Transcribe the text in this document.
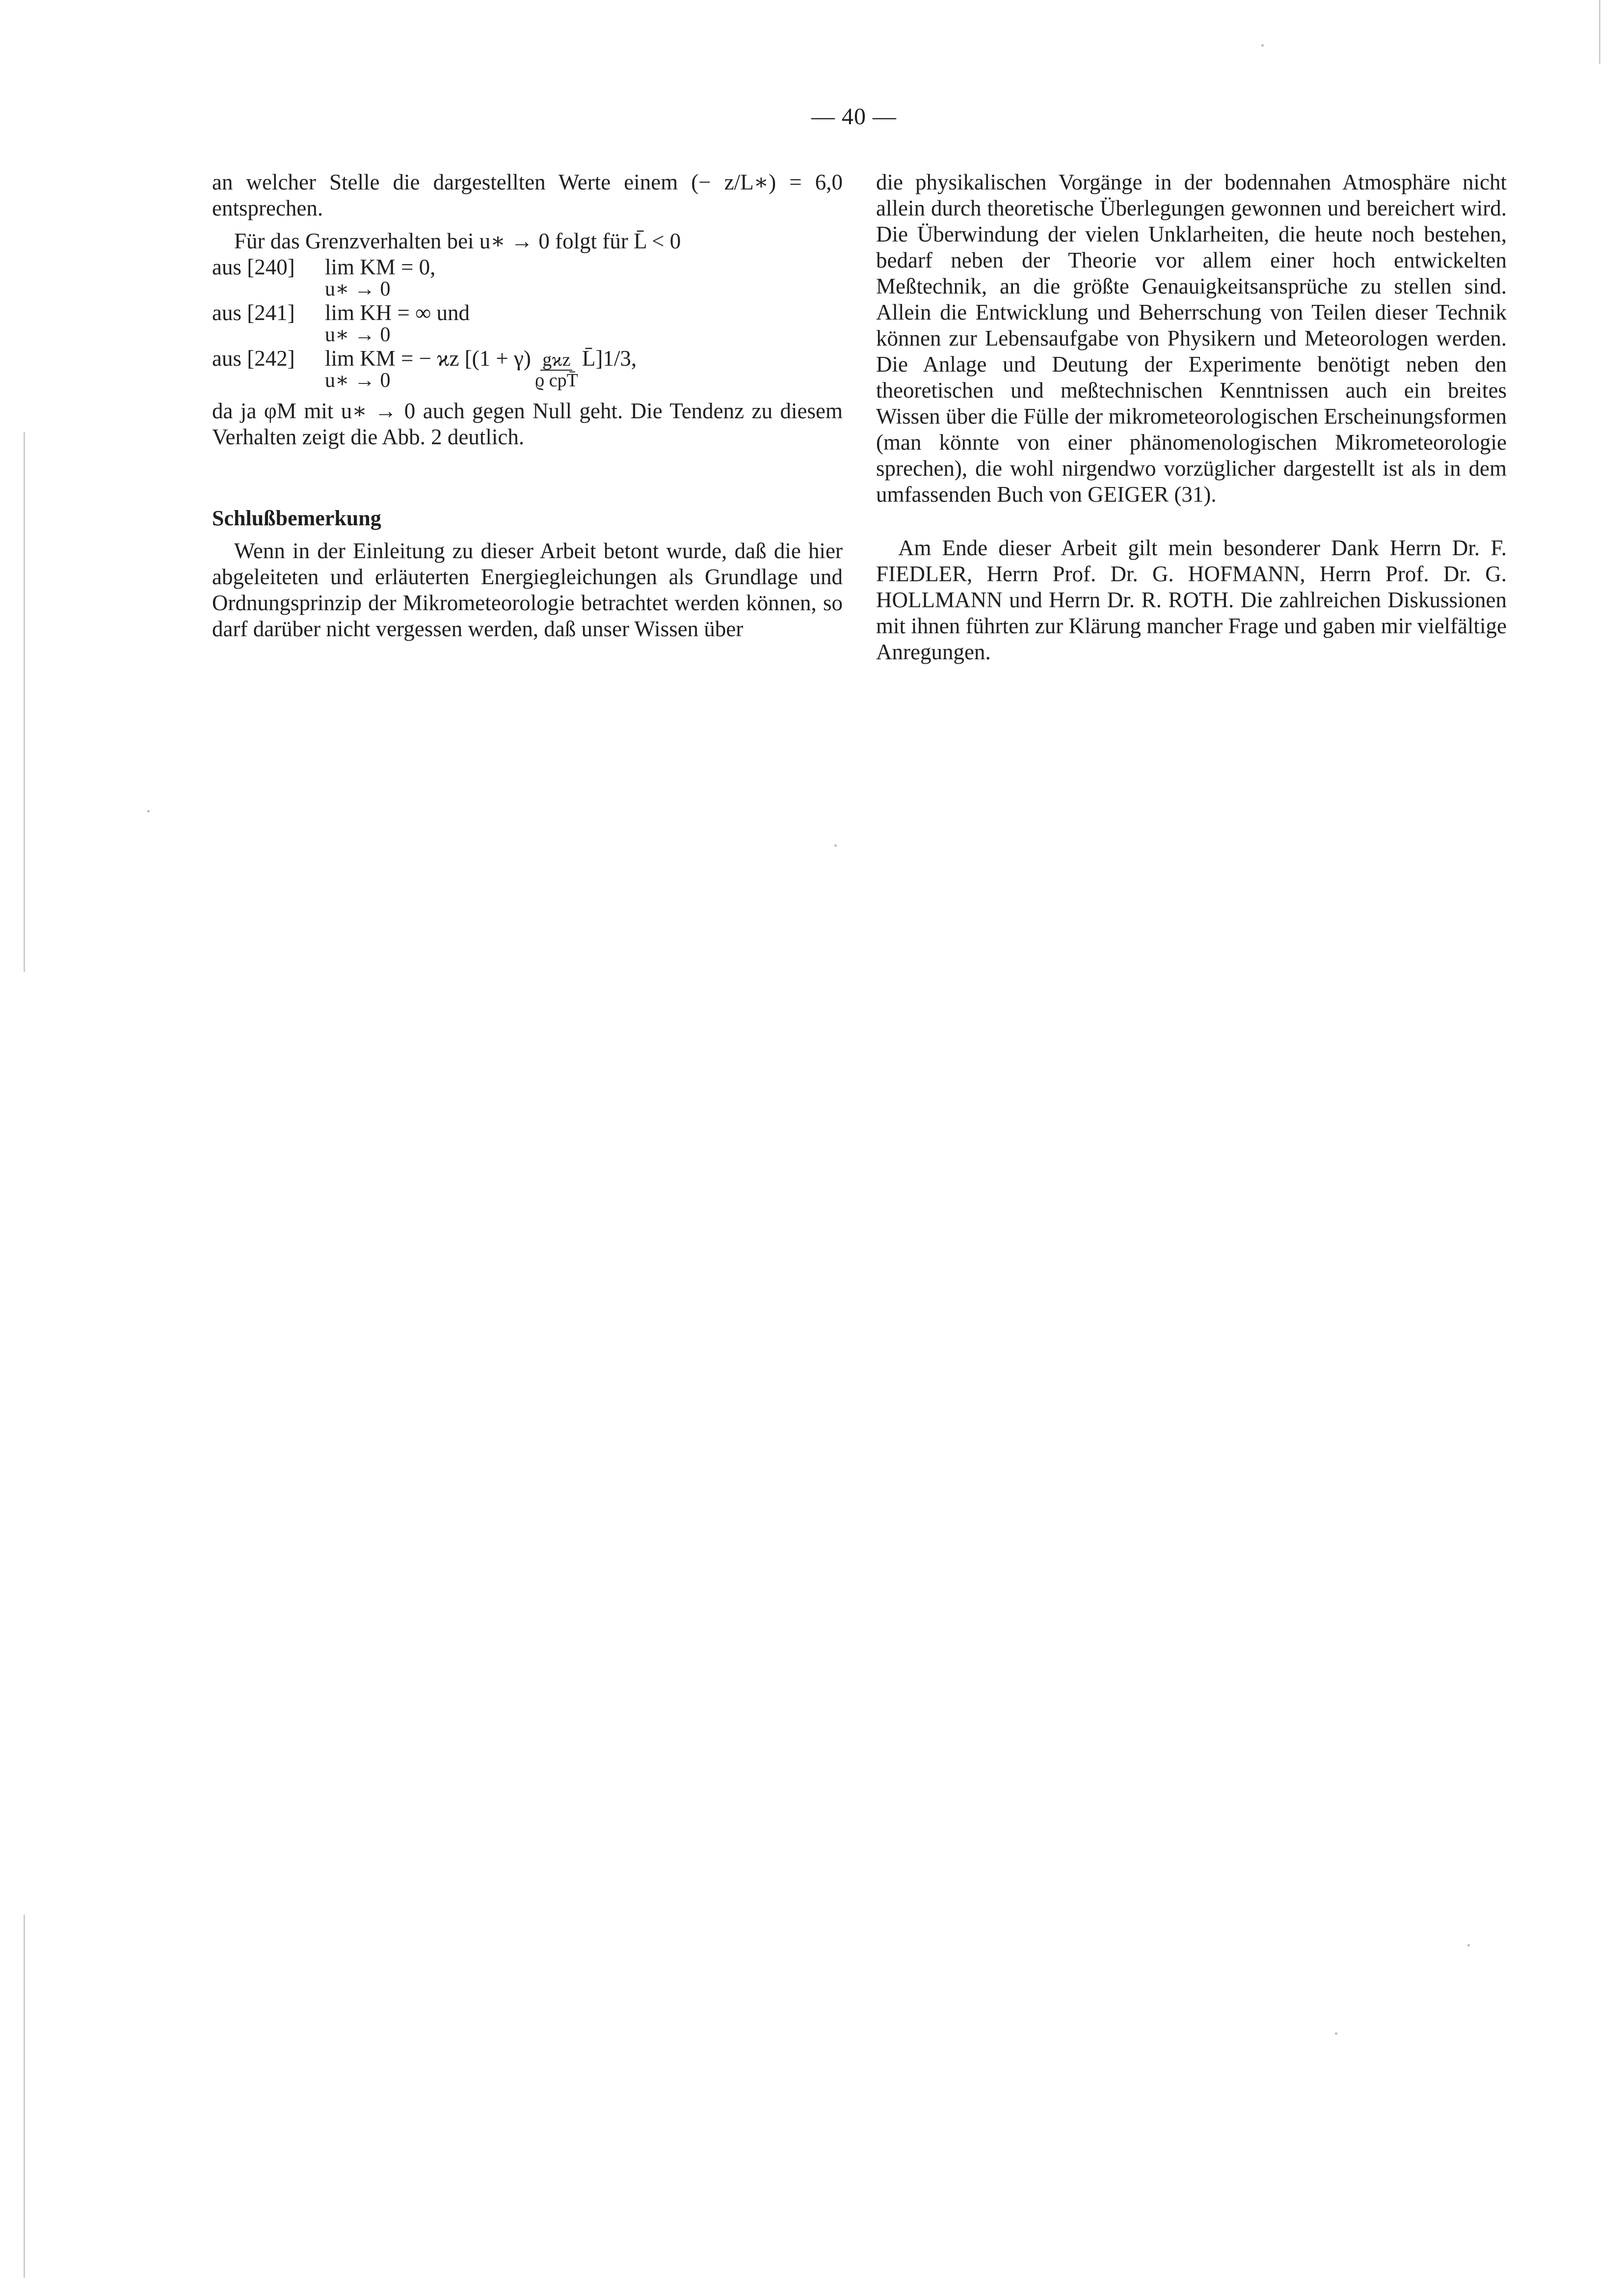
— 40 —

an welcher Stelle die dargestellten Werte einem (− z/L∗) = 6,0 entsprechen.

Für das Grenzverhalten bei u∗ → 0 folgt für L̄ < 0

aus [240]	lim KM = 0,
u∗ → 0
aus [241]	lim KH = ∞ und
u∗ → 0
aus [242]	lim KM = − ϰz [$(1 + \gamma) \frac{\text{gϰz}}{\text{ϱ cpT̄}}$ L̄]1/3,
u∗ → 0

da ja φM mit u∗ → 0 auch gegen Null geht. Die Tendenz zu diesem Verhalten zeigt die Abb. 2 deutlich.

Schlußbemerkung

Wenn in der Einleitung zu dieser Arbeit betont wurde, daß die hier abgeleiteten und erläuterten Energiegleichungen als Grundlage und Ordnungsprinzip der Mikrometeorologie betrachtet werden können, so darf darüber nicht vergessen werden, daß unser Wissen über

die physikalischen Vorgänge in der bodennahen Atmosphäre nicht allein durch theoretische Überlegungen gewonnen und bereichert wird. Die Überwindung der vielen Unklarheiten, die heute noch bestehen, bedarf neben der Theorie vor allem einer hoch entwickelten Meßtechnik, an die größte Genauigkeitsansprüche zu stellen sind. Allein die Entwicklung und Beherrschung von Teilen dieser Technik können zur Lebensaufgabe von Physikern und Meteorologen werden. Die Anlage und Deutung der Experimente benötigt neben den theoretischen und meßtechnischen Kenntnissen auch ein breites Wissen über die Fülle der mikrometeorologischen Erscheinungsformen (man könnte von einer phänomenologischen Mikrometeorologie sprechen), die wohl nirgendwo vorzüglicher dargestellt ist als in dem umfassenden Buch von GEIGER (31).

Am Ende dieser Arbeit gilt mein besonderer Dank Herrn Dr. F. FIEDLER, Herrn Prof. Dr. G. HOFMANN, Herrn Prof. Dr. G. HOLLMANN und Herrn Dr. R. ROTH. Die zahlreichen Diskussionen mit ihnen führten zur Klärung mancher Frage und gaben mir vielfältige Anregungen.
